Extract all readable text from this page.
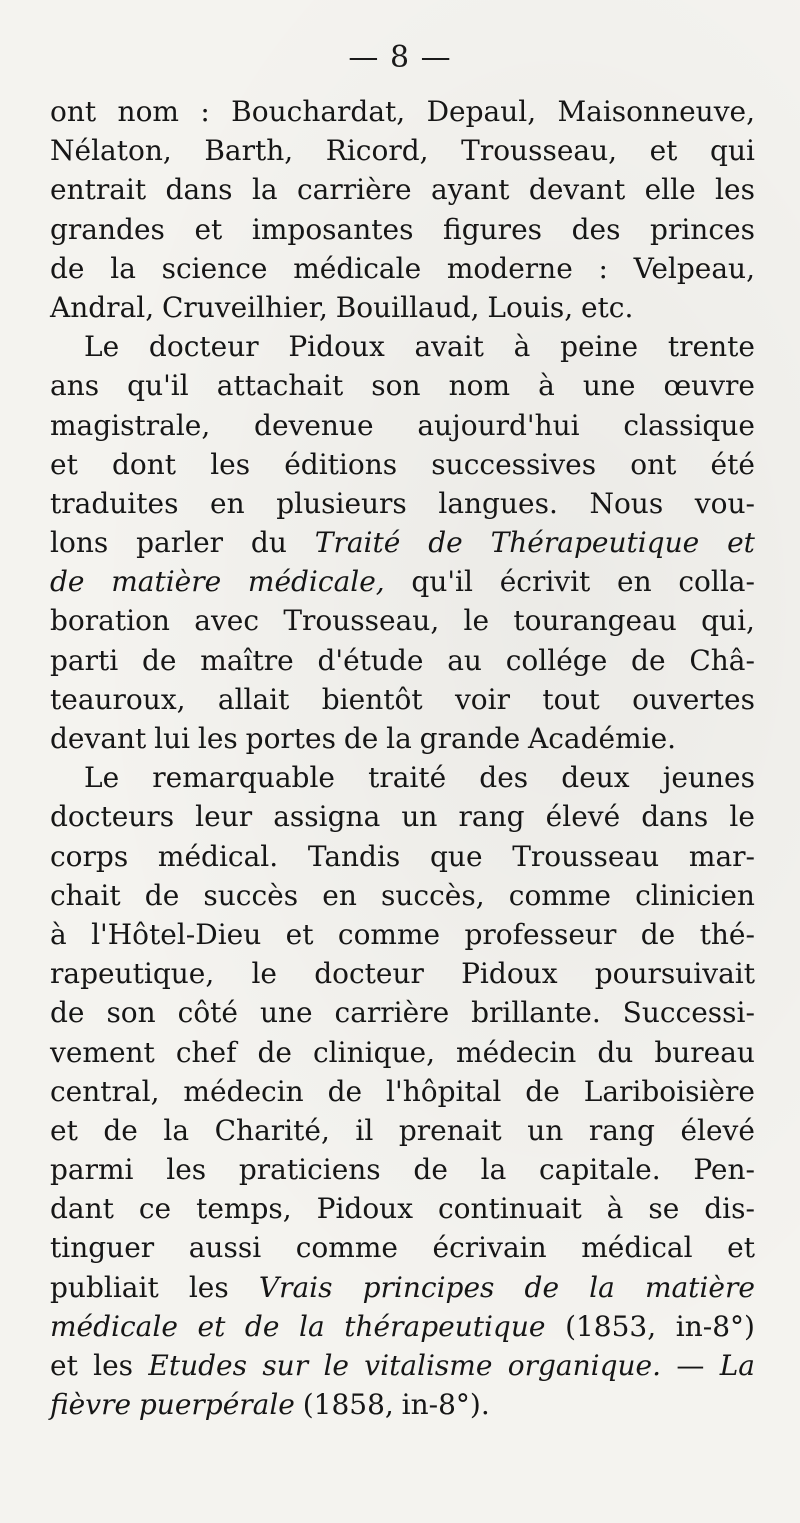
— 8 —
ont nom : Bouchardat, Depaul, Maisonneuve,
Nélaton, Barth, Ricord, Trousseau, et qui
entrait dans la carrière ayant devant elle les
grandes et imposantes figures des princes
de la science médicale moderne : Velpeau,
Andral, Cruveilhier, Bouillaud, Louis, etc.
Le docteur Pidoux avait à peine trente
ans qu'il attachait son nom à une œuvre
magistrale, devenue aujourd'hui classique
et dont les éditions successives ont été
traduites en plusieurs langues. Nous vou-
lons parler du Traité de Thérapeutique et
de matière médicale, qu'il écrivit en colla-
boration avec Trousseau, le tourangeau qui,
parti de maître d'étude au collége de Châ-
teauroux, allait bientôt voir tout ouvertes
devant lui les portes de la grande Académie.
Le remarquable traité des deux jeunes
docteurs leur assigna un rang élevé dans le
corps médical. Tandis que Trousseau mar-
chait de succès en succès, comme clinicien
à l'Hôtel-Dieu et comme professeur de thé-
rapeutique, le docteur Pidoux poursuivait
de son côté une carrière brillante. Successi-
vement chef de clinique, médecin du bureau
central, médecin de l'hôpital de Lariboisière
et de la Charité, il prenait un rang élevé
parmi les praticiens de la capitale. Pen-
dant ce temps, Pidoux continuait à se dis-
tinguer aussi comme écrivain médical et
publiait les Vrais principes de la matière
médicale et de la thérapeutique (1853, in-8°)
et les Etudes sur le vitalisme organique. — La
fièvre puerpérale (1858, in-8°).
